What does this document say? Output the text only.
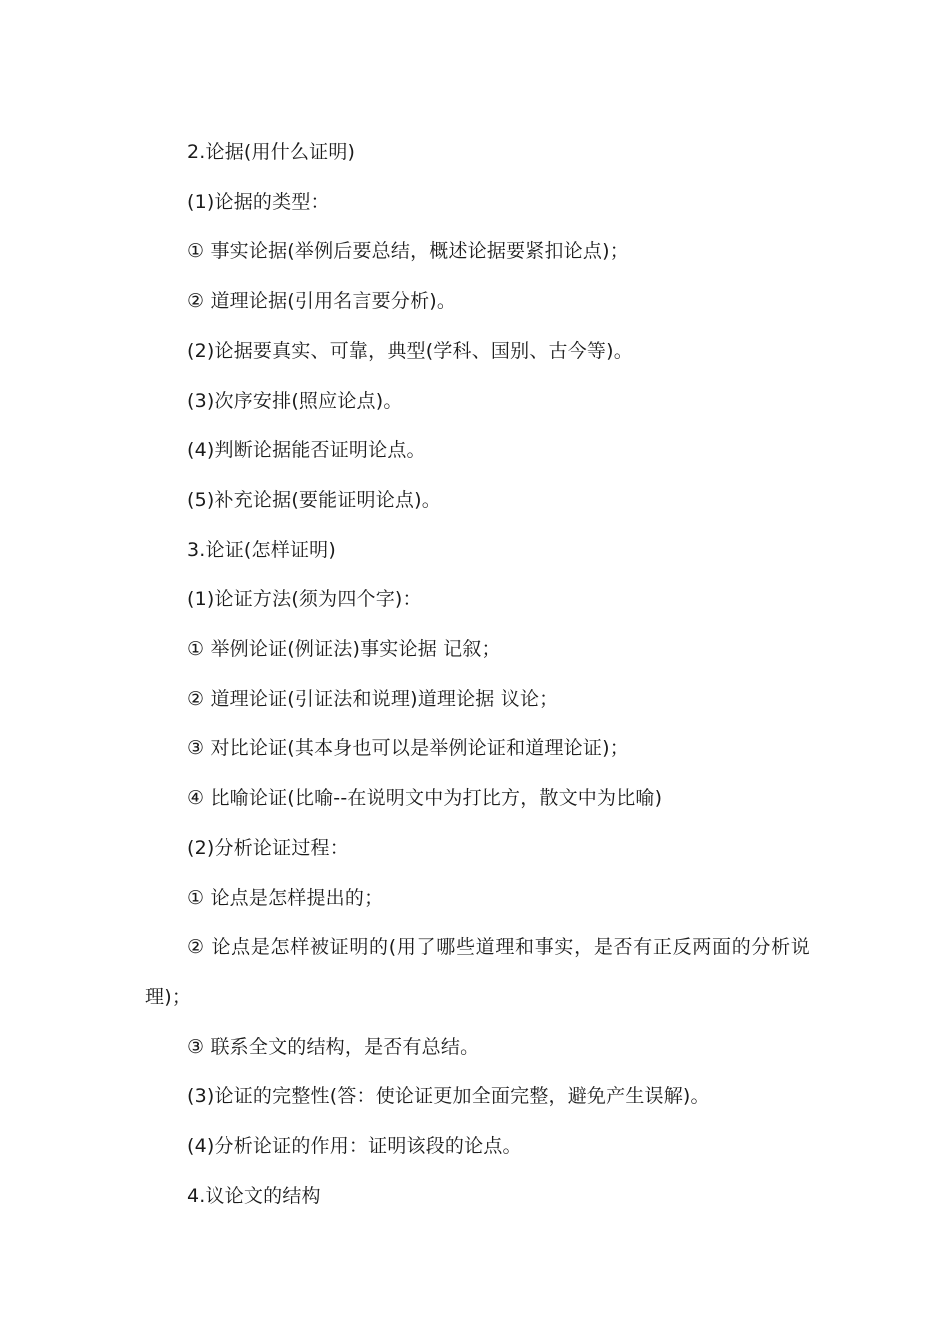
2.论据(用什么证明)

(1)论据的类型：

① 事实论据(举例后要总结，概述论据要紧扣论点)；

② 道理论据(引用名言要分析)。

(2)论据要真实、可靠，典型(学科、国别、古今等)。

(3)次序安排(照应论点)。

(4)判断论据能否证明论点。

(5)补充论据(要能证明论点)。

3.论证(怎样证明)

(1)论证方法(须为四个字)：

① 举例论证(例证法)事实论据 记叙；

② 道理论证(引证法和说理)道理论据 议论；

③ 对比论证(其本身也可以是举例论证和道理论证)；

④ 比喻论证(比喻--在说明文中为打比方，散文中为比喻)

(2)分析论证过程：

① 论点是怎样提出的；

② 论点是怎样被证明的(用了哪些道理和事实，是否有正反两面的分析说理)；

③ 联系全文的结构，是否有总结。

(3)论证的完整性(答：使论证更加全面完整，避免产生误解)。

(4)分析论证的作用：证明该段的论点。

4.议论文的结构
